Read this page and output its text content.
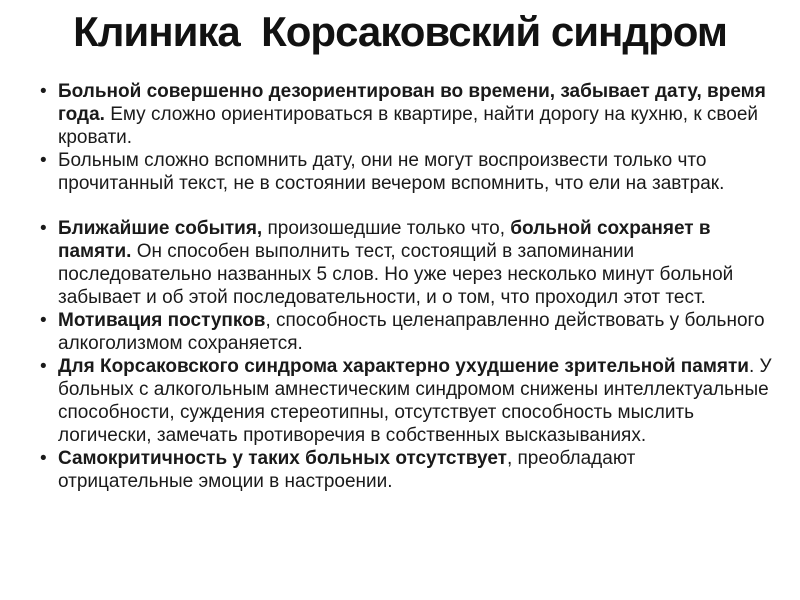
Клиника  Корсаковский синдром
• Больной совершенно дезориентирован во времени, забывает дату, время года. Ему сложно ориентироваться в квартире, найти дорогу на кухню, к своей кровати.
• Больным сложно вспомнить дату, они не могут воспроизвести только что прочитанный текст, не в состоянии вечером вспомнить, что ели на завтрак.
• Ближайшие события, произошедшие только что, больной сохраняет в памяти. Он способен выполнить тест, состоящий в запоминании последовательно названных 5 слов. Но уже через несколько минут больной забывает и об этой последовательности, и о том, что проходил этот тест.
• Мотивация поступков, способность целенаправленно действовать у больного алкоголизмом сохраняется.
• Для Корсаковского синдрома характерно ухудшение зрительной памяти. У больных с алкогольным амнестическим синдромом снижены интеллектуальные способности, суждения стереотипны, отсутствует способность мыслить логически, замечать противоречия в собственных высказываниях.
• Самокритичность у таких больных отсутствует, преобладают отрицательные эмоции в настроении.
